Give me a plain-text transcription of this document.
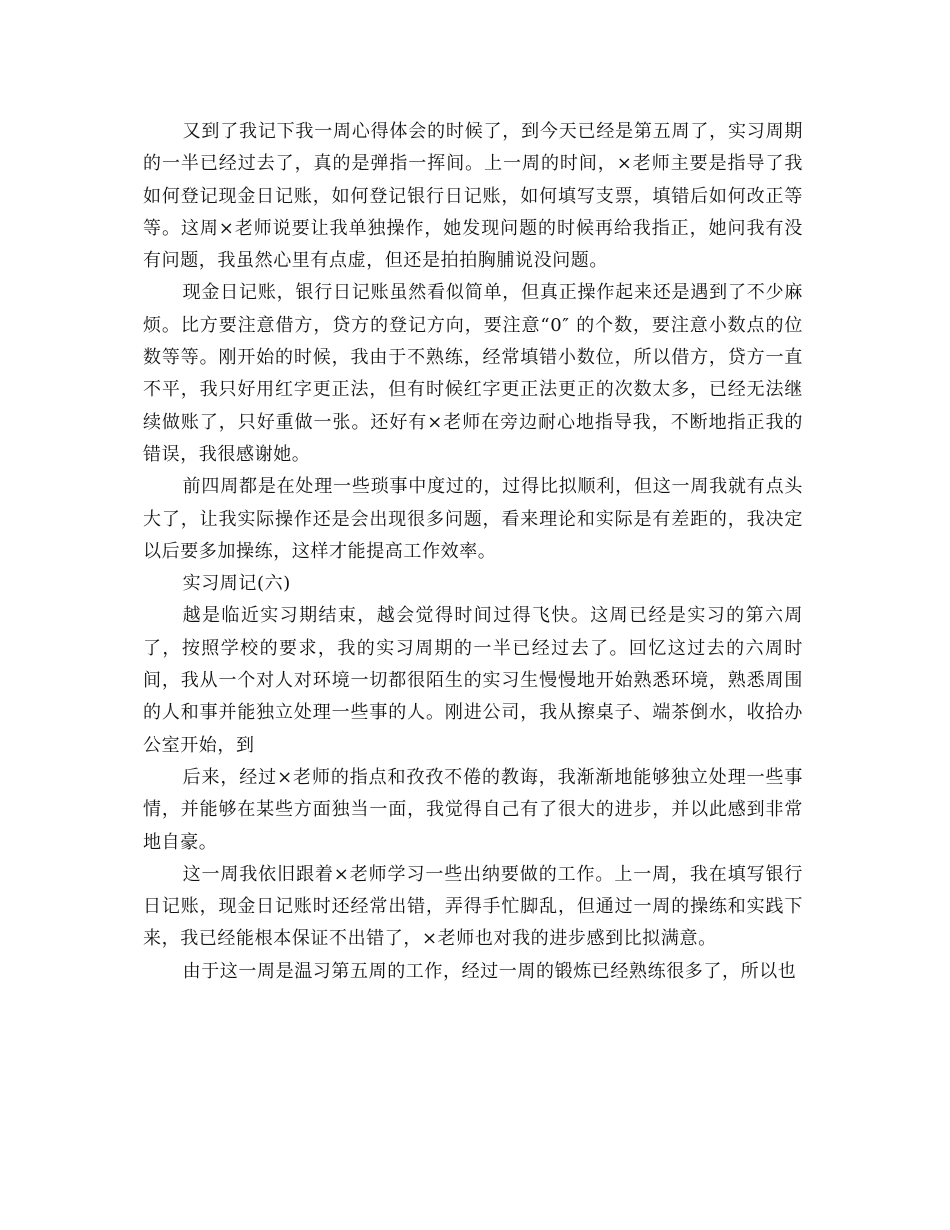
又到了我记下我一周心得体会的时候了，到今天已经是第五周了，实习周期的一半已经过去了，真的是弹指一挥间。上一周的时间，×老师主要是指导了我如何登记现金日记账，如何登记银行日记账，如何填写支票，填错后如何改正等等。这周×老师说要让我单独操作，她发现问题的时候再给我指正，她问我有没有问题，我虽然心里有点虚，但还是拍拍胸脯说没问题。

现金日记账，银行日记账虽然看似简单，但真正操作起来还是遇到了不少麻烦。比方要注意借方，贷方的登记方向，要注意“0″ 的个数，要注意小数点的位数等等。刚开始的时候，我由于不熟练，经常填错小数位，所以借方，贷方一直不平，我只好用红字更正法，但有时候红字更正法更正的次数太多，已经无法继续做账了，只好重做一张。还好有×老师在旁边耐心地指导我，不断地指正我的错误，我很感谢她。

前四周都是在处理一些琐事中度过的，过得比拟顺利，但这一周我就有点头大了，让我实际操作还是会出现很多问题，看来理论和实际是有差距的，我决定以后要多加操练，这样才能提高工作效率。

实习周记(六)

越是临近实习期结束，越会觉得时间过得飞快。这周已经是实习的第六周了，按照学校的要求，我的实习周期的一半已经过去了。回忆这过去的六周时间，我从一个对人对环境一切都很陌生的实习生慢慢地开始熟悉环境，熟悉周围的人和事并能独立处理一些事的人。刚进公司，我从擦桌子、端茶倒水，收拾办公室开始，到

后来，经过×老师的指点和孜孜不倦的教诲，我渐渐地能够独立处理一些事情，并能够在某些方面独当一面，我觉得自己有了很大的进步，并以此感到非常地自豪。

这一周我依旧跟着×老师学习一些出纳要做的工作。上一周，我在填写银行日记账，现金日记账时还经常出错，弄得手忙脚乱，但通过一周的操练和实践下来，我已经能根本保证不出错了，×老师也对我的进步感到比拟满意。

由于这一周是温习第五周的工作，经过一周的锻炼已经熟练很多了，所以也
